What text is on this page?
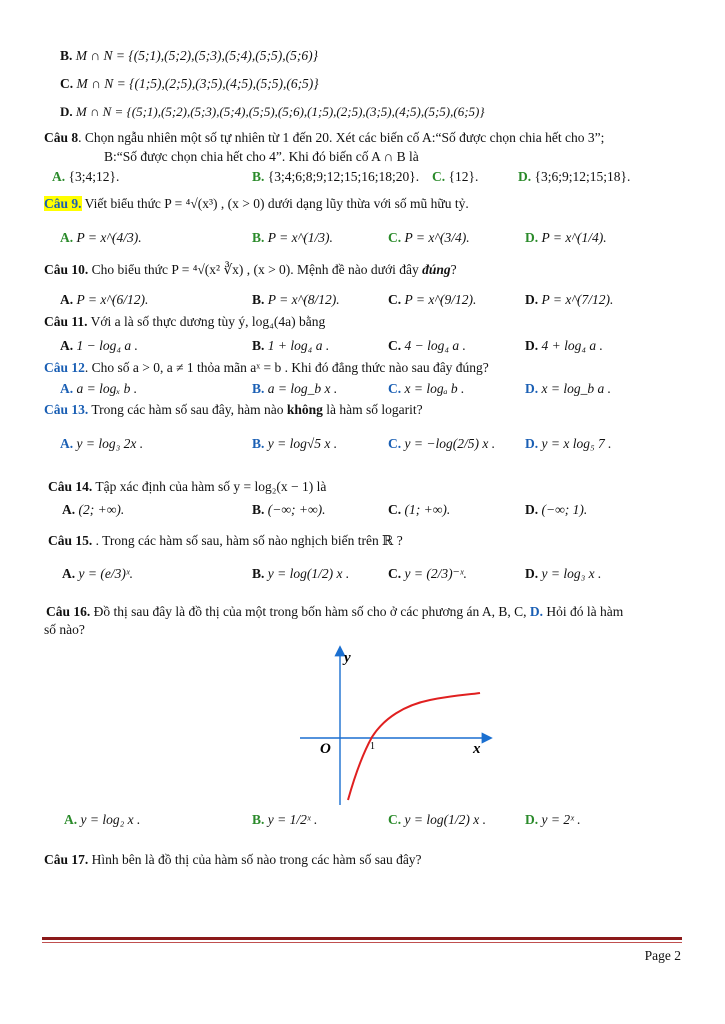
B. M ∩ N = {(5;1),(5;2),(5;3),(5;4),(5;5),(5;6)}
C. M ∩ N = {(1;5),(2;5),(3;5),(4;5),(5;5),(6;5)}
D. M ∩ N = {(5;1),(5;2),(5;3),(5;4),(5;5),(5;6),(1;5),(2;5),(3;5),(4;5),(5;5),(6;5)}
Câu 8. Chọn ngẫu nhiên một số tự nhiên từ 1 đến 20. Xét các biến cố A:“Số được chọn chia hết cho 3”;
B:“Số được chọn chia hết cho 4”. Khi đó biến cố A ∩ B là
A. {3;4;12}.	B. {3;4;6;8;9;12;15;16;18;20}. C. {12}.	D. {3;6;9;12;15;18}.
Câu 9. Viết biểu thức P = ⁴√(x³) , (x > 0) dưới dạng lũy thừa với số mũ hữu tỷ.
A. P = x^(4/3).	B. P = x^(1/3).	C. P = x^(3/4).	D. P = x^(1/4).
Câu 10. Cho biểu thức P = ⁴√(x² ∛x) , (x > 0). Mệnh đề nào dưới đây đúng?
A. P = x^(6/12).	B. P = x^(8/12).	C. P = x^(9/12).	D. P = x^(7/12).
Câu 11. Với a là số thực dương tùy ý, log₄(4a) bằng
A. 1 − log₄ a .	B. 1 + log₄ a .	C. 4 − log₄ a .	D. 4 + log₄ a .
Câu 12. Cho số a > 0, a ≠ 1 thỏa mãn aˣ = b . Khi đó đẳng thức nào sau đây đúng?
A. a = logₓ b .	B. a = log_b x .	C. x = logₐ b .	D. x = log_b a .
Câu 13. Trong các hàm số sau đây, hàm nào không là hàm số logarit?
A. y = log₃ 2x .	B. y = log√5 x .	C. y = −log(2/5) x . D. y = x log₅ 7 .
Câu 14. Tập xác định của hàm số y = log₂(x − 1) là
A. (2; +∞).	B. (−∞; +∞).	C. (1; +∞).	D. (−∞; 1).
Câu 15. . Trong các hàm số sau, hàm số nào nghịch biến trên ℝ ?
A. y = (e/3)ˣ.	B. y = log(1/2) x .	C. y = (2/3)⁻ˣ.	D. y = log₃ x .
Câu 16. Đồ thị sau đây là đồ thị của một trong bốn hàm số cho ở các phương án A, B, C, D. Hỏi đó là hàm
số nào?
y
x
O	1
A. y = log₂ x .	B. y = 1/2ˣ .	C. y = log(1/2) x .	D. y = 2ˣ .
Câu 17. Hình bên là đồ thị của hàm số nào trong các hàm số sau đây?
Page 2
